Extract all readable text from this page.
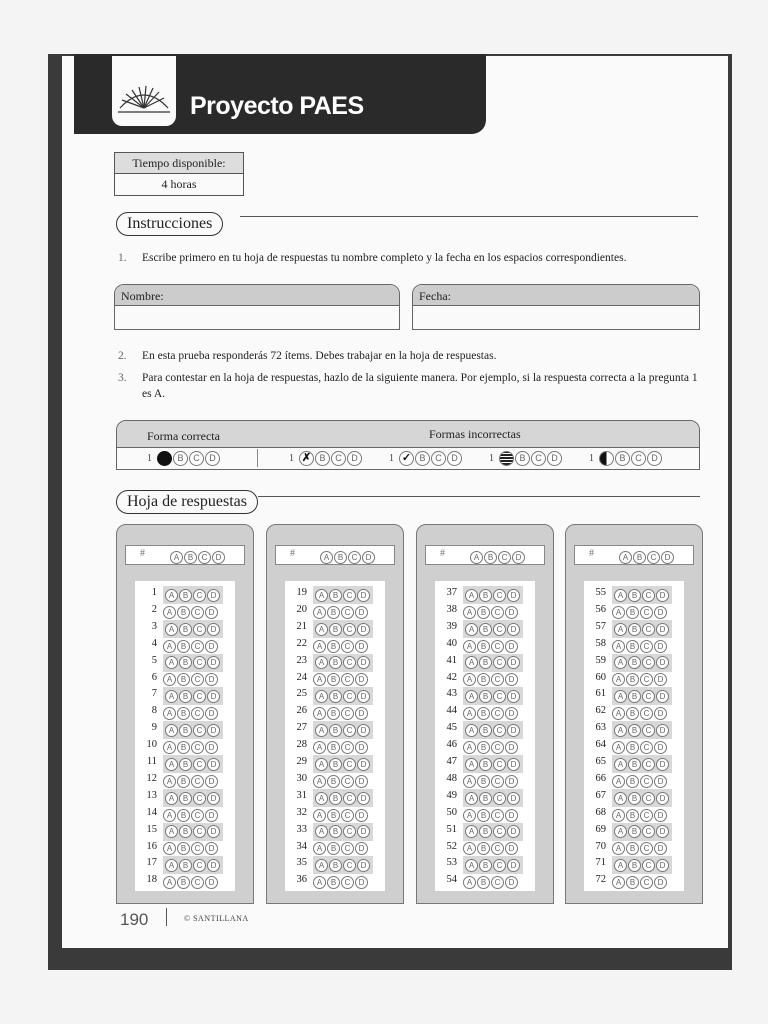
Proyecto PAES
Tiempo disponible:
4 horas
Instrucciones
1. Escribe primero en tu hoja de respuestas tu nombre completo y la fecha en los espacios correspondientes.
Nombre:	Fecha:
2. En esta prueba responderás 72 ítems. Debes trabajar en la hoja de respuestas.
3. Para contestar en la hoja de respuestas, hazlo de la siguiente manera. Por ejemplo, si la respuesta correcta a la pregunta 1 es A.
Forma correcta	Formas incorrectas
1	B C D	1 ✗ B C D	1 ✓ B C D	1	B C D	1	B C D
Hoja de respuestas
#	A B C D
1	A B C D
2	A B C D
3	A B C D
4	A B C D
5	A B C D
6	A B C D
7	A B C D
8	A B C D
9	A B C D
10	A B C D
11	A B C D
12	A B C D
13	A B C D
14	A B C D
15	A B C D
16	A B C D
17	A B C D
18	A B C D
#	A B C D
19	A B C D
20	A B C D
21	A B C D
22	A B C D
23	A B C D
24	A B C D
25	A B C D
26	A B C D
27	A B C D
28	A B C D
29	A B C D
30	A B C D
31	A B C D
32	A B C D
33	A B C D
34	A B C D
35	A B C D
36	A B C D
#	A B C D
37	A B C D
38	A B C D
39	A B C D
40	A B C D
41	A B C D
42	A B C D
43	A B C D
44	A B C D
45	A B C D
46	A B C D
47	A B C D
48	A B C D
49	A B C D
50	A B C D
51	A B C D
52	A B C D
53	A B C D
54	A B C D
#	A B C D
55	A B C D
56	A B C D
57	A B C D
58	A B C D
59	A B C D
60	A B C D
61	A B C D
62	A B C D
63	A B C D
64	A B C D
65	A B C D
66	A B C D
67	A B C D
68	A B C D
69	A B C D
70	A B C D
71	A B C D
72	A B C D
190	© SANTILLANA
